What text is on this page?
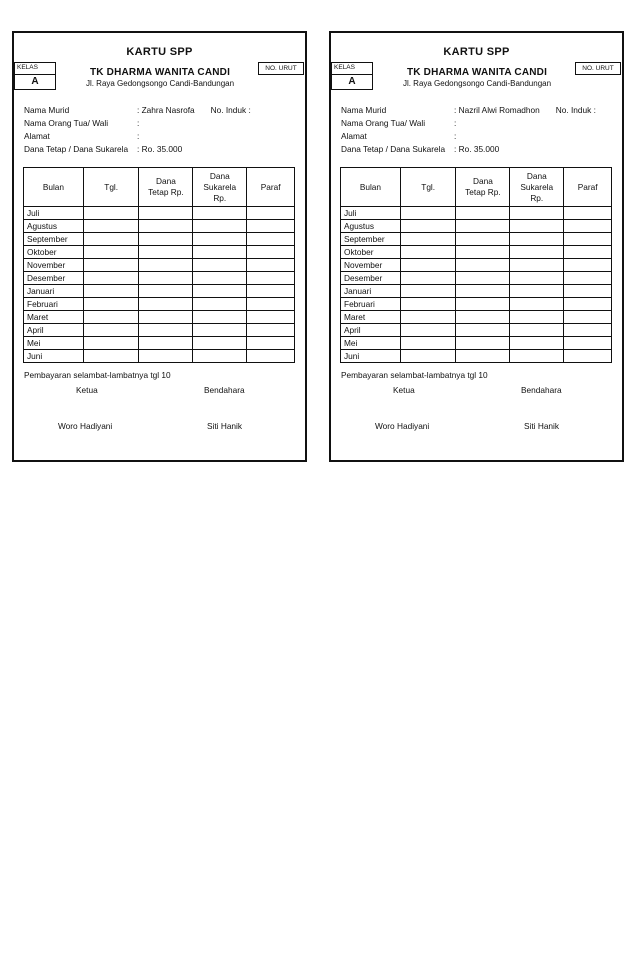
KARTU SPP
KELAS
A
TK DHARMA WANITA CANDI
Jl. Raya Gedongsongo Candi-Bandungan
NO. URUT
Nama Murid	: Zahra Nasrofa No. Induk :
Nama Orang Tua/ Wali	:
Alamat	:
Dana Tetap / Dana Sukarela : Ro. 35.000
Bulan	Tgl.	Dana Tetap Rp.	Dana Sukarela Rp.	Paraf
Juli				
Agustus				
September				
Oktober				
November				
Desember				
Januari				
Februari				
Maret				
April				
Mei				
Juni				
Pembayaran selambat-lambatnya tgl 10
Ketua	Bendahara
Woro Hadiyani	Siti Hanik
KARTU SPP
KELAS
A
TK DHARMA WANITA CANDI
Jl. Raya Gedongsongo Candi-Bandungan
NO. URUT
Nama Murid	: Nazril Alwi Romadhon No. Induk :
Nama Orang Tua/ Wali	:
Alamat	:
Dana Tetap / Dana Sukarela : Ro. 35.000
Bulan	Tgl.	Dana Tetap Rp.	Dana Sukarela Rp.	Paraf
Juli				
Agustus				
September				
Oktober				
November				
Desember				
Januari				
Februari				
Maret				
April				
Mei				
Juni				
Pembayaran selambat-lambatnya tgl 10
Ketua	Bendahara
Woro Hadiyani	Siti Hanik
